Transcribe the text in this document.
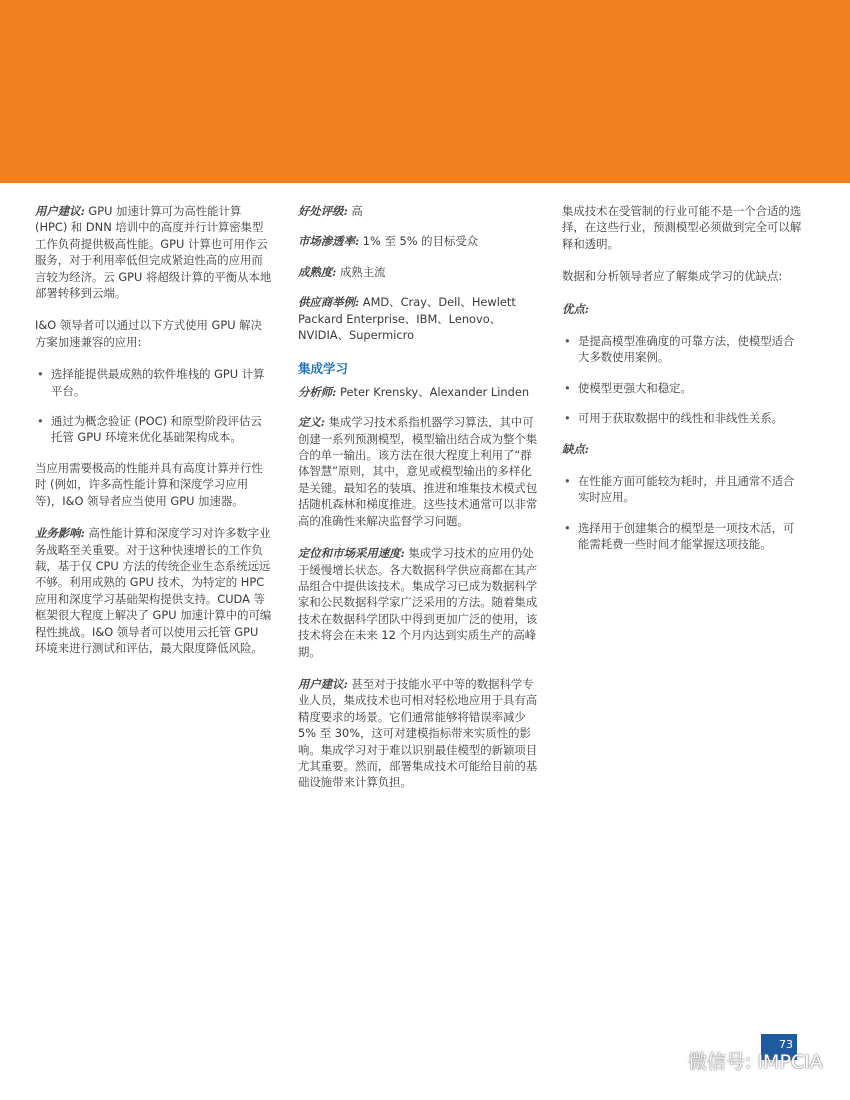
用户建议: GPU 加速计算可为高性能计算 (HPC) 和 DNN 培训中的高度并行计算密集型工作负荷提供极高性能。GPU 计算也可用作云服务，对于利用率低但完成紧迫性高的应用而言较为经济。云 GPU 将超级计算的平衡从本地部署转移到云端。

I&O 领导者可以通过以下方式使用 GPU 解决方案加速兼容的应用:

• 选择能提供最成熟的软件堆栈的 GPU 计算平台。
• 通过为概念验证 (POC) 和原型阶段评估云托管 GPU 环境来优化基础架构成本。

当应用需要极高的性能并具有高度计算并行性时 (例如，许多高性能计算和深度学习应用等)，I&O 领导者应当使用 GPU 加速器。

业务影响: 高性能计算和深度学习对许多数字业务战略至关重要。对于这种快速增长的工作负载，基于仅 CPU 方法的传统企业生态系统远远不够。利用成熟的 GPU 技术，为特定的 HPC 应用和深度学习基础架构提供支持。CUDA 等框架很大程度上解决了 GPU 加速计算中的可编程性挑战。I&O 领导者可以使用云托管 GPU 环境来进行测试和评估，最大限度降低风险。

好处评级: 高
市场渗透率: 1% 至 5% 的目标受众
成熟度: 成熟主流
供应商举例: AMD、Cray、Dell、Hewlett Packard Enterprise、IBM、Lenovo、NVIDIA、Supermicro
集成学习
分析师: Peter Krensky、Alexander Linden

定义: 集成学习技术系指机器学习算法，其中可创建一系列预测模型，模型输出结合成为整个集合的单一输出。该方法在很大程度上利用了“群体智慧”原则，其中，意见或模型输出的多样化是关键。最知名的装填、推进和堆集技术模式包括随机森林和梯度推进。这些技术通常可以非常高的准确性来解决监督学习问题。

定位和市场采用速度: 集成学习技术的应用仍处于缓慢增长状态。各大数据科学供应商都在其产品组合中提供该技术。集成学习已成为数据科学家和公民数据科学家广泛采用的方法。随着集成技术在数据科学团队中得到更加广泛的使用，该技术将会在未来 12 个月内达到实质生产的高峰期。

用户建议: 甚至对于技能水平中等的数据科学专业人员，集成技术也可相对轻松地应用于具有高精度要求的场景。它们通常能够将错误率减少 5% 至 30%，这可对建模指标带来实质性的影响。集成学习对于难以识别最佳模型的新颖项目尤其重要。然而，部署集成技术可能给目前的基础设施带来计算负担。

集成技术在受管制的行业可能不是一个合适的选择，在这些行业，预测模型必须做到完全可以解释和透明。

数据和分析领导者应了解集成学习的优缺点:

优点:

• 是提高模型准确度的可靠方法，使模型适合大多数使用案例。
• 使模型更强大和稳定。
• 可用于获取数据中的线性和非线性关系。

缺点:

• 在性能方面可能较为耗时，并且通常不适合实时应用。
• 选择用于创建集合的模型是一项技术活，可能需耗费一些时间才能掌握这项技能。
73
微信号: IMPCIA
